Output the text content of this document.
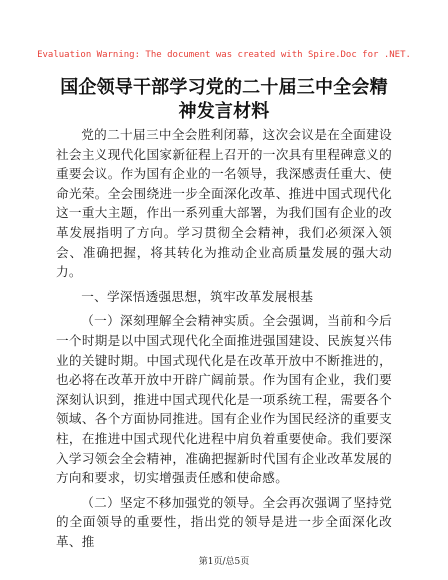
Evaluation Warning: The document was created with Spire.Doc for .NET.
国企领导干部学习党的二十届三中全会精神发言材料

党的二十届三中全会胜利闭幕，这次会议是在全面建设社会主义现代化国家新征程上召开的一次具有里程碑意义的重要会议。作为国有企业的一名领导，我深感责任重大、使命光荣。全会围绕进一步全面深化改革、推进中国式现代化这一重大主题，作出一系列重大部署，为我们国有企业的改革发展指明了方向。学习贯彻全会精神，我们必须深入领会、准确把握，将其转化为推动企业高质量发展的强大动力。

一、学深悟透强思想，筑牢改革发展根基

（一）深刻理解全会精神实质。全会强调，当前和今后一个时期是以中国式现代化全面推进强国建设、民族复兴伟业的关键时期。中国式现代化是在改革开放中不断推进的，也必将在改革开放中开辟广阔前景。作为国有企业，我们要深刻认识到，推进中国式现代化是一项系统工程，需要各个领域、各个方面协同推进。国有企业作为国民经济的重要支柱，在推进中国式现代化进程中肩负着重要使命。我们要深入学习领会全会精神，准确把握新时代国有企业改革发展的方向和要求，切实增强责任感和使命感。

（二）坚定不移加强党的领导。全会再次强调了坚持党的全面领导的重要性，指出党的领导是进一步全面深化改革、推

第1页/总5页
